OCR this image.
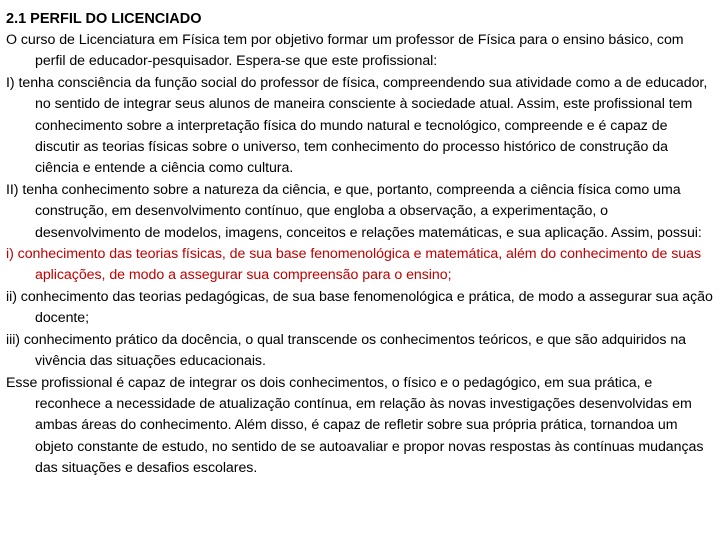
2.1 PERFIL DO LICENCIADO

O curso de Licenciatura em Física tem por objetivo formar um professor de Física para o ensino básico, com perfil de educador-pesquisador. Espera-se que este profissional:

I) tenha consciência da função social do professor de física, compreendendo sua atividade como a de educador, no sentido de integrar seus alunos de maneira consciente à sociedade atual. Assim, este profissional tem conhecimento sobre a interpretação física do mundo natural e tecnológico, compreende e é capaz de discutir as teorias físicas sobre o universo, tem conhecimento do processo histórico de construção da ciência e entende a ciência como cultura.

II) tenha conhecimento sobre a natureza da ciência, e que, portanto, compreenda a ciência física como uma construção, em desenvolvimento contínuo, que engloba a observação, a experimentação, o desenvolvimento de modelos, imagens, conceitos e relações matemáticas, e sua aplicação. Assim, possui:

i) conhecimento das teorias físicas, de sua base fenomenológica e matemática, além do conhecimento de suas aplicações, de modo a assegurar sua compreensão para o ensino;

ii) conhecimento das teorias pedagógicas, de sua base fenomenológica e prática, de modo a assegurar sua ação docente;

iii) conhecimento prático da docência, o qual transcende os conhecimentos teóricos, e que são adquiridos na vivência das situações educacionais.

Esse profissional é capaz de integrar os dois conhecimentos, o físico e o pedagógico, em sua prática, e reconhece a necessidade de atualização contínua, em relação às novas investigações desenvolvidas em ambas áreas do conhecimento. Além disso, é capaz de refletir sobre sua própria prática, tornandoa um objeto constante de estudo, no sentido de se autoavaliar e propor novas respostas às contínuas mudanças das situações e desafios escolares.
